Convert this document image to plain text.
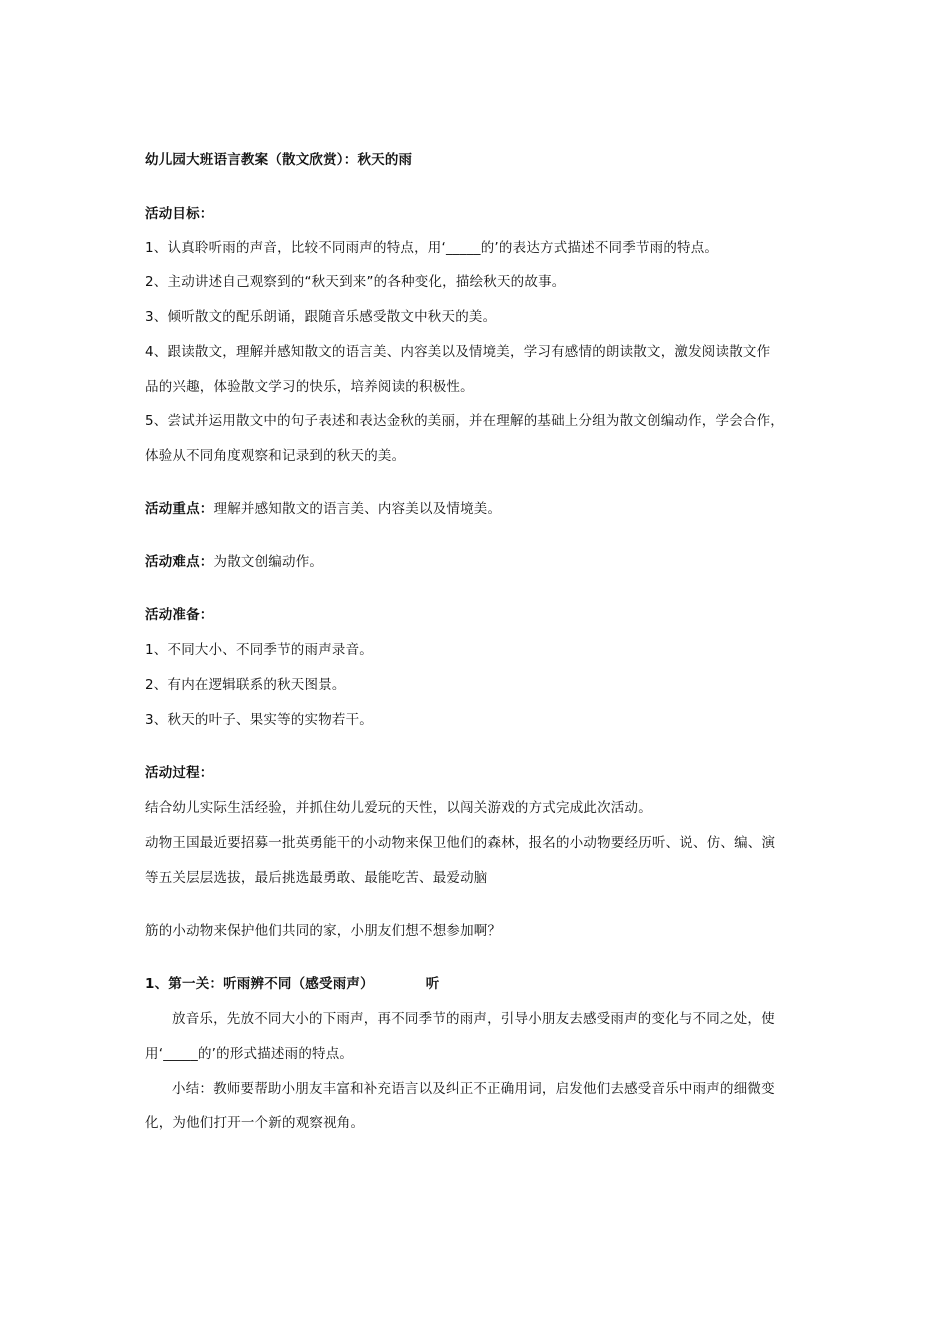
幼儿园大班语言教案（散文欣赏）：秋天的雨
活动目标：
1、认真聆听雨的声音，比较不同雨声的特点，用‘_____的’的表达方式描述不同季节雨的特点。
2、主动讲述自己观察到的“秋天到来”的各种变化，描绘秋天的故事。
3、倾听散文的配乐朗诵，跟随音乐感受散文中秋天的美。
4、跟读散文，理解并感知散文的语言美、内容美以及情境美，学习有感情的朗读散文，激发阅读散文作
品的兴趣，体验散文学习的快乐，培养阅读的积极性。
5、尝试并运用散文中的句子表述和表达金秋的美丽，并在理解的基础上分组为散文创编动作，学会合作，
体验从不同角度观察和记录到的秋天的美。
活动重点：理解并感知散文的语言美、内容美以及情境美。
活动难点：为散文创编动作。
活动准备：
1、不同大小、不同季节的雨声录音。
2、有内在逻辑联系的秋天图景。
3、秋天的叶子、果实等的实物若干。
活动过程：
结合幼儿实际生活经验，并抓住幼儿爱玩的天性，以闯关游戏的方式完成此次活动。
动物王国最近要招募一批英勇能干的小动物来保卫他们的森林，报名的小动物要经历听、说、仿、编、演
等五关层层选拔，最后挑选最勇敢、最能吃苦、最爱动脑
筋的小动物来保护他们共同的家，小朋友们想不想参加啊？
1、第一关：听雨辨不同（感受雨声）	听
放音乐，先放不同大小的下雨声，再不同季节的雨声，引导小朋友去感受雨声的变化与不同之处，使
用‘_____的’的形式描述雨的特点。
小结：教师要帮助小朋友丰富和补充语言以及纠正不正确用词，启发他们去感受音乐中雨声的细微变
化，为他们打开一个新的观察视角。
